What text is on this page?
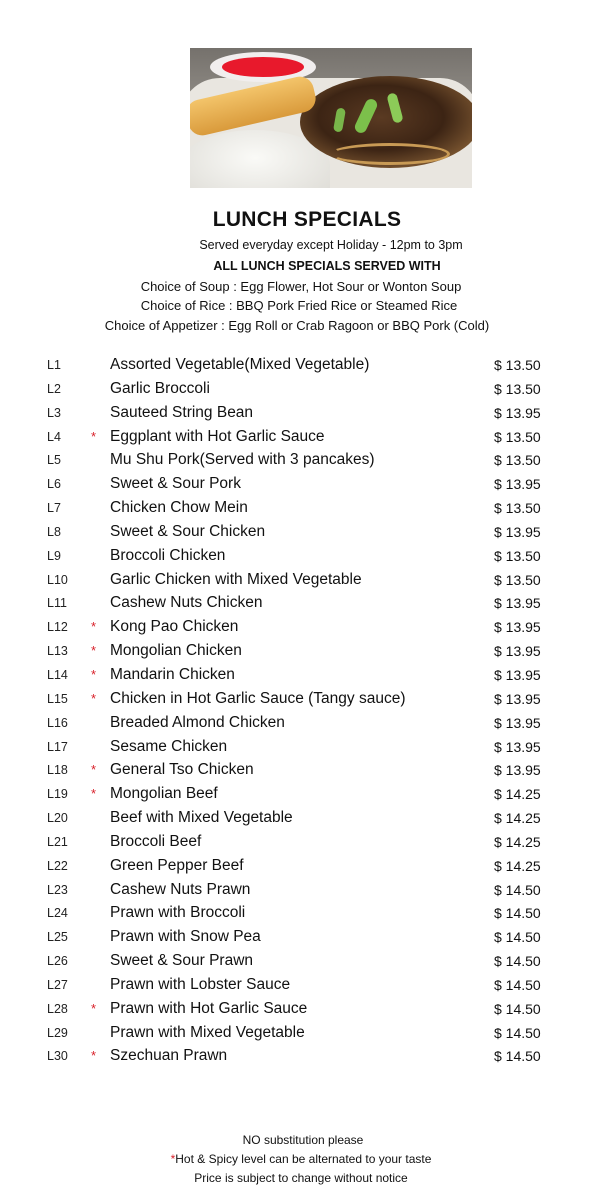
LUNCH SPECIALS
Served everyday except Holiday - 12pm to 3pm
ALL LUNCH SPECIALS SERVED WITH
Choice of Soup : Egg Flower, Hot Sour or Wonton Soup
Choice of Rice : BBQ Pork Fried Rice or Steamed Rice
Choice of Appetizer : Egg Roll or Crab Ragoon or BBQ Pork (Cold)
L1	Assorted Vegetable(Mixed Vegetable)	$ 13.50
L2	Garlic Broccoli	$ 13.50
L3	Sauteed String Bean	$ 13.95
L4 * Eggplant with Hot Garlic Sauce	$ 13.50
L5	Mu Shu Pork(Served with 3 pancakes)	$ 13.50
L6	Sweet & Sour Pork	$ 13.95
L7	Chicken Chow Mein	$ 13.50
L8	Sweet & Sour Chicken	$ 13.95
L9	Broccoli Chicken	$ 13.50
L10	Garlic Chicken with Mixed Vegetable	$ 13.50
L11	Cashew Nuts Chicken	$ 13.95
L12 * Kong Pao Chicken	$ 13.95
L13 * Mongolian Chicken	$ 13.95
L14 * Mandarin Chicken	$ 13.95
L15 * Chicken in Hot Garlic Sauce (Tangy sauce)	$ 13.95
L16	Breaded Almond Chicken	$ 13.95
L17	Sesame Chicken	$ 13.95
L18 * General Tso Chicken	$ 13.95
L19 * Mongolian Beef	$ 14.25
L20	Beef with Mixed Vegetable	$ 14.25
L21	Broccoli Beef	$ 14.25
L22	Green Pepper Beef	$ 14.25
L23	Cashew Nuts Prawn	$ 14.50
L24	Prawn with Broccoli	$ 14.50
L25	Prawn with Snow Pea	$ 14.50
L26	Sweet & Sour Prawn	$ 14.50
L27	Prawn with Lobster Sauce	$ 14.50
L28 * Prawn with Hot Garlic Sauce	$ 14.50
L29	Prawn with Mixed Vegetable	$ 14.50
L30 * Szechuan Prawn	$ 14.50
NO substitution please
*Hot & Spicy level can be alternated to your taste
Price is subject to change without notice
